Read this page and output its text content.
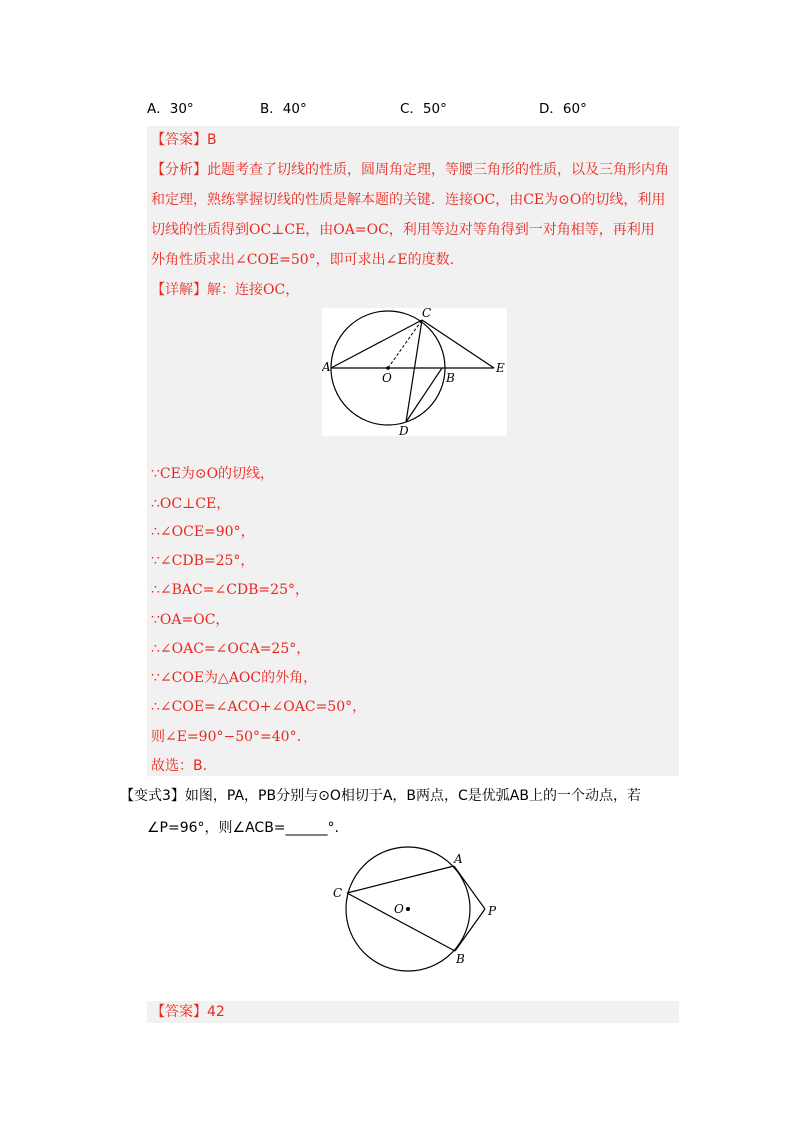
A．30°	B．40°	C．50°	D．60°
【答案】B
【分析】此题考查了切线的性质，圆周角定理，等腰三角形的性质，以及三角形内角
和定理，熟练掌握切线的性质是解本题的关键．连接OC，由CE为⊙O的切线，利用
切线的性质得到OC⊥CE，由OA=OC，利用等边对等角得到一对角相等，再利用
外角性质求出∠COE=50°，即可求出∠E的度数．
【详解】解：连接OC，
C
A
O	B
E
D
∵CE为⊙O的切线，
∴OC⊥CE，
∴∠OCE=90°，
∵∠CDB=25°，
∴∠BAC=∠CDB=25°，
∵OA=OC，
∴∠OAC=∠OCA=25°，
∵∠COE为△AOC的外角，
∴∠COE=∠ACO+∠OAC=50°，
则∠E=90°−50°=40°.
故选：B.
【变式3】如图，PA，PB分别与⊙O相切于A，B两点，C是优弧AB上的一个动点，若
∠P=96°，则∠ACB=______°.
A
C
O	P
B
【答案】42
